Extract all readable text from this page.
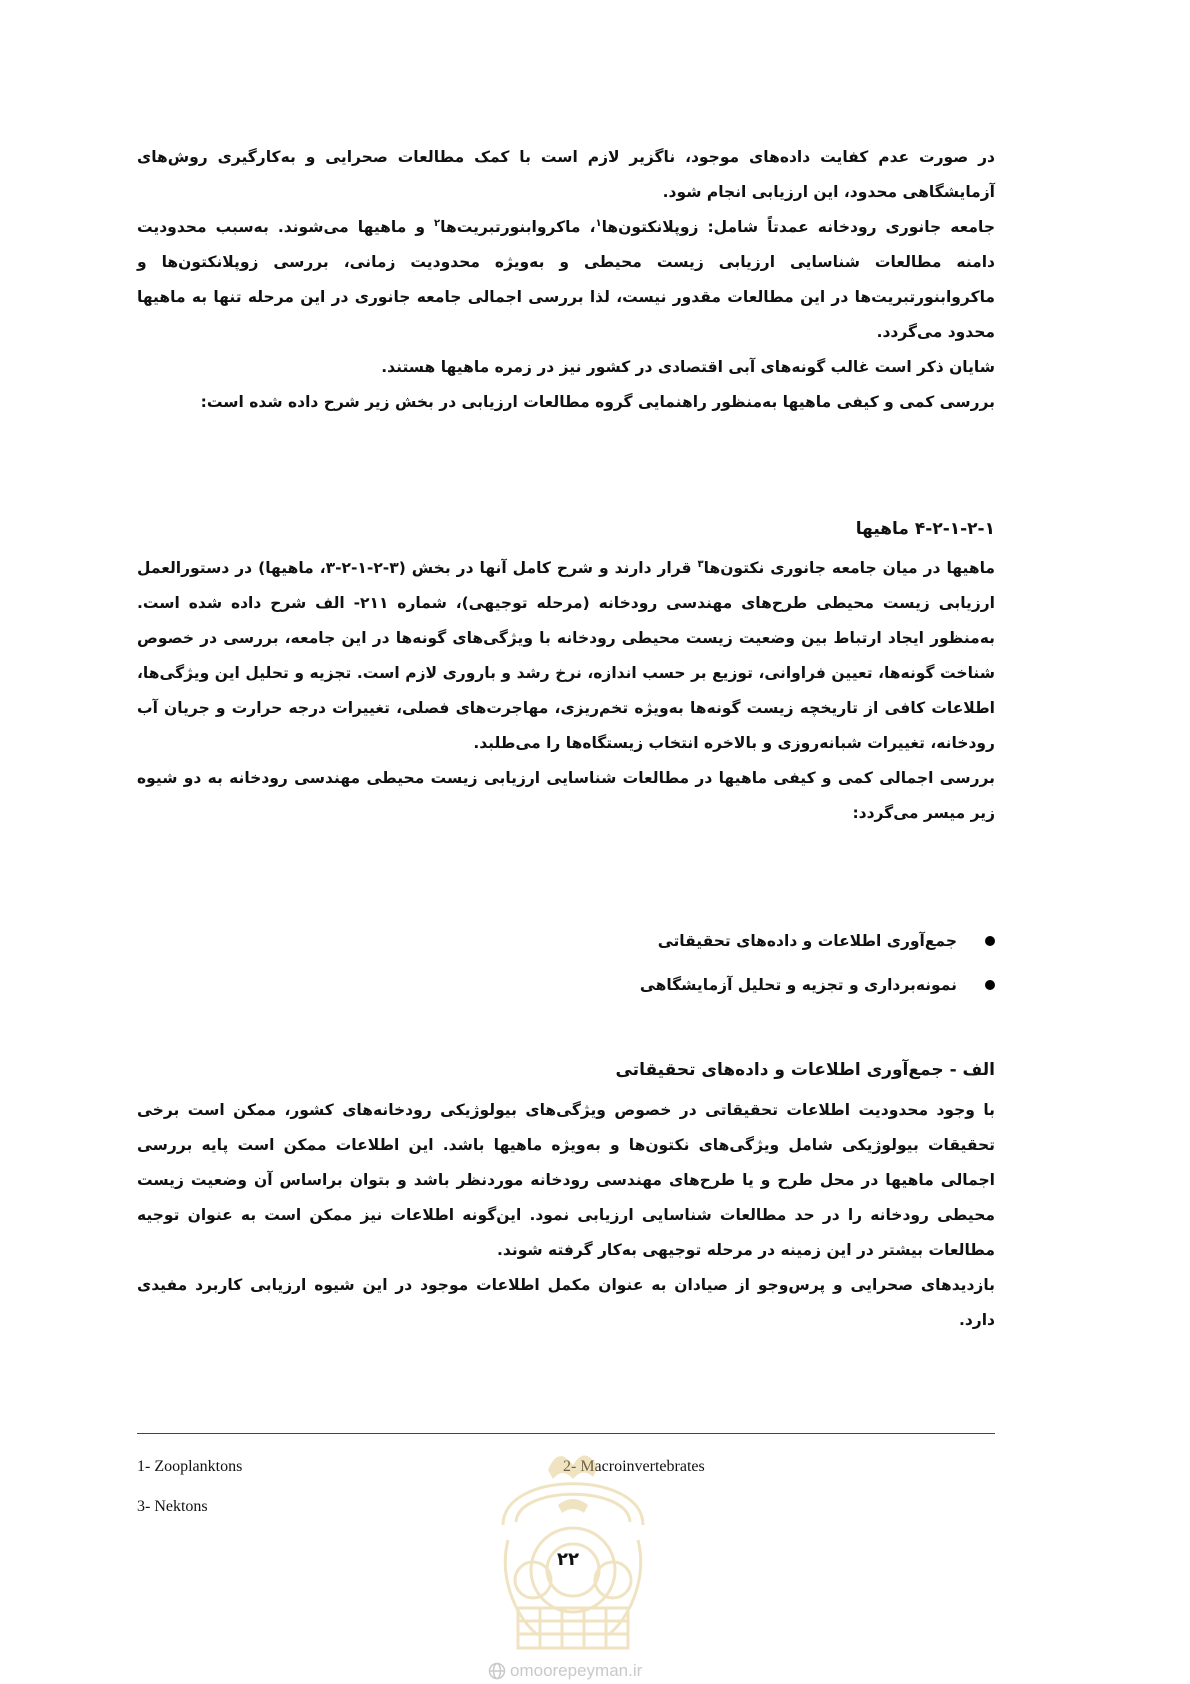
در صورت عدم کفایت داده‌های موجود، ناگزیر لازم است با کمک مطالعات صحرایی و به‌کارگیری روش‌های آزمایشگاهی محدود، این ارزیابی انجام شود.

جامعه جانوری رودخانه عمدتاً شامل: زوپلانکتون‌ها$^۱$، ماکروابنورتبریت‌ها$^۲$ و ماهیها می‌شوند. به‌سبب محدودیت دامنه مطالعات شناسایی ارزیابی زیست محیطی و به‌ویژه محدودیت زمانی، بررسی زوپلانکتون‌ها و ماکروابنورتبریت‌ها در این مطالعات مقدور نیست، لذا بررسی اجمالی جامعه جانوری در این مرحله تنها به ماهیها محدود می‌گردد.

شایان ذکر است غالب گونه‌های آبی اقتصادی در کشور نیز در زمره ماهیها هستند.

بررسی کمی و کیفی ماهیها به‌منظور راهنمایی گروه مطالعات ارزیابی در بخش زیر شرح داده شده است:

۴-۲-۱-۲-۱ ماهیها

ماهیها در میان جامعه جانوری نکتون‌ها$^۳$ قرار دارند و شرح کامل آنها در بخش (۳-۲-۱-۲-۳، ماهیها) در دستورالعمل ارزیابی زیست محیطی طرح‌های مهندسی رودخانه (مرحله توجیهی)، شماره ۲۱۱- الف شرح داده شده است. به‌منظور ایجاد ارتباط بین وضعیت زیست محیطی رودخانه با ویژگی‌های گونه‌ها در این جامعه، بررسی در خصوص شناخت گونه‌ها، تعیین فراوانی، توزیع بر حسب اندازه، نرخ رشد و باروری لازم است. تجزیه و تحلیل این ویژگی‌ها، اطلاعات کافی از تاریخچه زیست گونه‌ها به‌ویژه تخم‌ریزی، مهاجرت‌های فصلی، تغییرات درجه حرارت و جریان آب رودخانه، تغییرات شبانه‌روزی و بالاخره انتخاب زیستگاه‌ها را می‌طلبد.

بررسی اجمالی کمی و کیفی ماهیها در مطالعات شناسایی ارزیابی زیست محیطی مهندسی رودخانه به دو شیوه زیر میسر می‌گردد:

جمع‌آوری اطلاعات و داده‌های تحقیقاتی
نمونه‌برداری و تجزیه و تحلیل آزمایشگاهی
الف - جمع‌آوری اطلاعات و داده‌های تحقیقاتی

با وجود محدودیت اطلاعات تحقیقاتی در خصوص ویژگی‌های بیولوژیکی رودخانه‌های کشور، ممکن است برخی تحقیقات بیولوژیکی شامل ویژگی‌های نکتون‌ها و به‌ویژه ماهیها باشد. این اطلاعات ممکن است پایه بررسی اجمالی ماهیها در محل طرح و یا طرح‌های مهندسی رودخانه موردنظر باشد و بتوان براساس آن وضعیت زیست محیطی رودخانه را در حد مطالعات شناسایی ارزیابی نمود. این‌گونه اطلاعات نیز ممکن است به عنوان توجیه مطالعات بیشتر در این زمینه در مرحله توجیهی به‌کار گرفته شوند.

بازدیدهای صحرایی و پرس‌وجو از صیادان به عنوان مکمل اطلاعات موجود در این شیوه ارزیابی کاربرد مفیدی دارد.

1- Zooplanktons	2- Macroinvertebrates
3- Nektons
۲۲
omoorepeyman.ir
